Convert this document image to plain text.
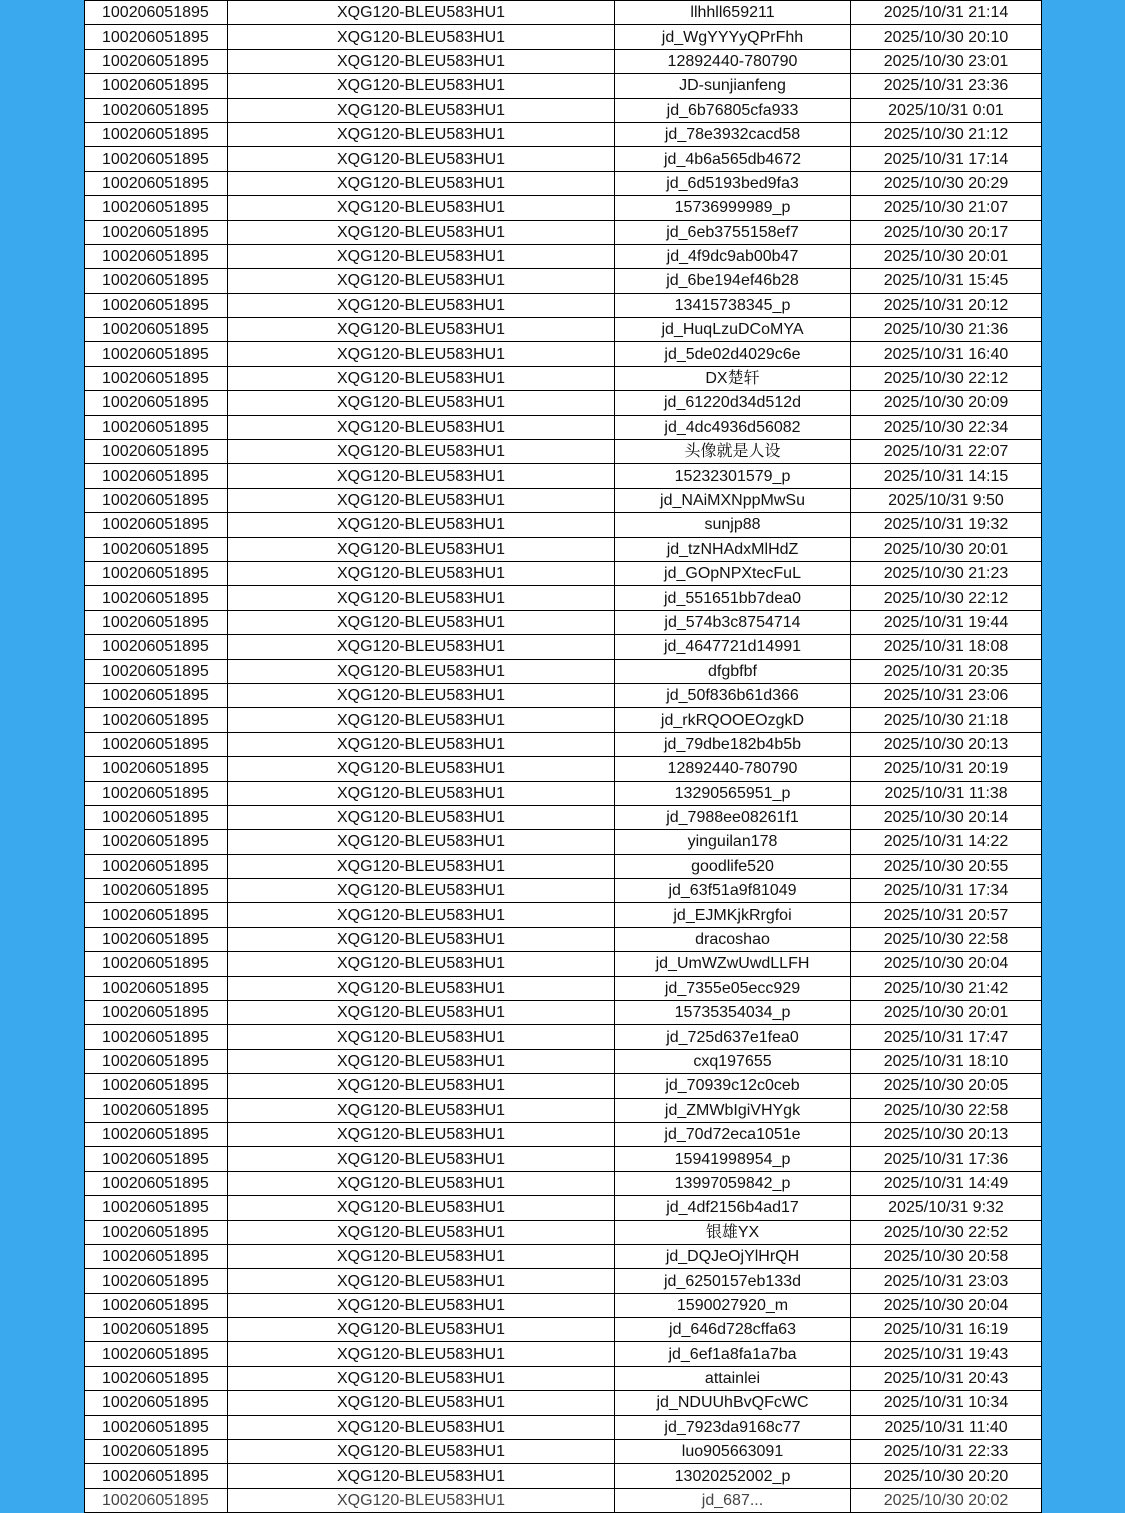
100206051895	XQG120-BLEU583HU1	llhhll659211	2025/10/31 21:14
100206051895	XQG120-BLEU583HU1	jd_WgYYYyQPrFhh	2025/10/30 20:10
100206051895	XQG120-BLEU583HU1	12892440-780790	2025/10/30 23:01
100206051895	XQG120-BLEU583HU1	JD-sunjianfeng	2025/10/31 23:36
100206051895	XQG120-BLEU583HU1	jd_6b76805cfa933	2025/10/31 0:01
100206051895	XQG120-BLEU583HU1	jd_78e3932cacd58	2025/10/30 21:12
100206051895	XQG120-BLEU583HU1	jd_4b6a565db4672	2025/10/31 17:14
100206051895	XQG120-BLEU583HU1	jd_6d5193bed9fa3	2025/10/30 20:29
100206051895	XQG120-BLEU583HU1	15736999989_p	2025/10/30 21:07
100206051895	XQG120-BLEU583HU1	jd_6eb3755158ef7	2025/10/30 20:17
100206051895	XQG120-BLEU583HU1	jd_4f9dc9ab00b47	2025/10/30 20:01
100206051895	XQG120-BLEU583HU1	jd_6be194ef46b28	2025/10/31 15:45
100206051895	XQG120-BLEU583HU1	13415738345_p	2025/10/31 20:12
100206051895	XQG120-BLEU583HU1	jd_HuqLzuDCoMYA	2025/10/30 21:36
100206051895	XQG120-BLEU583HU1	jd_5de02d4029c6e	2025/10/31 16:40
100206051895	XQG120-BLEU583HU1	DX楚轩	2025/10/30 22:12
100206051895	XQG120-BLEU583HU1	jd_61220d34d512d	2025/10/30 20:09
100206051895	XQG120-BLEU583HU1	jd_4dc4936d56082	2025/10/30 22:34
100206051895	XQG120-BLEU583HU1	头像就是人设	2025/10/31 22:07
100206051895	XQG120-BLEU583HU1	15232301579_p	2025/10/31 14:15
100206051895	XQG120-BLEU583HU1	jd_NAiMXNppMwSu	2025/10/31 9:50
100206051895	XQG120-BLEU583HU1	sunjp88	2025/10/31 19:32
100206051895	XQG120-BLEU583HU1	jd_tzNHAdxMlHdZ	2025/10/30 20:01
100206051895	XQG120-BLEU583HU1	jd_GOpNPXtecFuL	2025/10/30 21:23
100206051895	XQG120-BLEU583HU1	jd_551651bb7dea0	2025/10/30 22:12
100206051895	XQG120-BLEU583HU1	jd_574b3c8754714	2025/10/31 19:44
100206051895	XQG120-BLEU583HU1	jd_4647721d14991	2025/10/31 18:08
100206051895	XQG120-BLEU583HU1	dfgbfbf	2025/10/31 20:35
100206051895	XQG120-BLEU583HU1	jd_50f836b61d366	2025/10/31 23:06
100206051895	XQG120-BLEU583HU1	jd_rkRQOOEOzgkD	2025/10/30 21:18
100206051895	XQG120-BLEU583HU1	jd_79dbe182b4b5b	2025/10/30 20:13
100206051895	XQG120-BLEU583HU1	12892440-780790	2025/10/31 20:19
100206051895	XQG120-BLEU583HU1	13290565951_p	2025/10/31 11:38
100206051895	XQG120-BLEU583HU1	jd_7988ee08261f1	2025/10/30 20:14
100206051895	XQG120-BLEU583HU1	yinguilan178	2025/10/31 14:22
100206051895	XQG120-BLEU583HU1	goodlife520	2025/10/30 20:55
100206051895	XQG120-BLEU583HU1	jd_63f51a9f81049	2025/10/31 17:34
100206051895	XQG120-BLEU583HU1	jd_EJMKjkRrgfoi	2025/10/31 20:57
100206051895	XQG120-BLEU583HU1	dracoshao	2025/10/30 22:58
100206051895	XQG120-BLEU583HU1	jd_UmWZwUwdLLFH	2025/10/30 20:04
100206051895	XQG120-BLEU583HU1	jd_7355e05ecc929	2025/10/30 21:42
100206051895	XQG120-BLEU583HU1	15735354034_p	2025/10/30 20:01
100206051895	XQG120-BLEU583HU1	jd_725d637e1fea0	2025/10/31 17:47
100206051895	XQG120-BLEU583HU1	cxq197655	2025/10/31 18:10
100206051895	XQG120-BLEU583HU1	jd_70939c12c0ceb	2025/10/30 20:05
100206051895	XQG120-BLEU583HU1	jd_ZMWbIgiVHYgk	2025/10/30 22:58
100206051895	XQG120-BLEU583HU1	jd_70d72eca1051e	2025/10/30 20:13
100206051895	XQG120-BLEU583HU1	15941998954_p	2025/10/31 17:36
100206051895	XQG120-BLEU583HU1	13997059842_p	2025/10/31 14:49
100206051895	XQG120-BLEU583HU1	jd_4df2156b4ad17	2025/10/31 9:32
100206051895	XQG120-BLEU583HU1	银雄YX	2025/10/30 22:52
100206051895	XQG120-BLEU583HU1	jd_DQJeOjYlHrQH	2025/10/30 20:58
100206051895	XQG120-BLEU583HU1	jd_6250157eb133d	2025/10/31 23:03
100206051895	XQG120-BLEU583HU1	1590027920_m	2025/10/30 20:04
100206051895	XQG120-BLEU583HU1	jd_646d728cffa63	2025/10/31 16:19
100206051895	XQG120-BLEU583HU1	jd_6ef1a8fa1a7ba	2025/10/31 19:43
100206051895	XQG120-BLEU583HU1	attainlei	2025/10/31 20:43
100206051895	XQG120-BLEU583HU1	jd_NDUUhBvQFcWC	2025/10/31 10:34
100206051895	XQG120-BLEU583HU1	jd_7923da9168c77	2025/10/31 11:40
100206051895	XQG120-BLEU583HU1	luo905663091	2025/10/31 22:33
100206051895	XQG120-BLEU583HU1	13020252002_p	2025/10/30 20:20
100206051895	XQG120-BLEU583HU1	jd_687...	2025/10/30 20:02
